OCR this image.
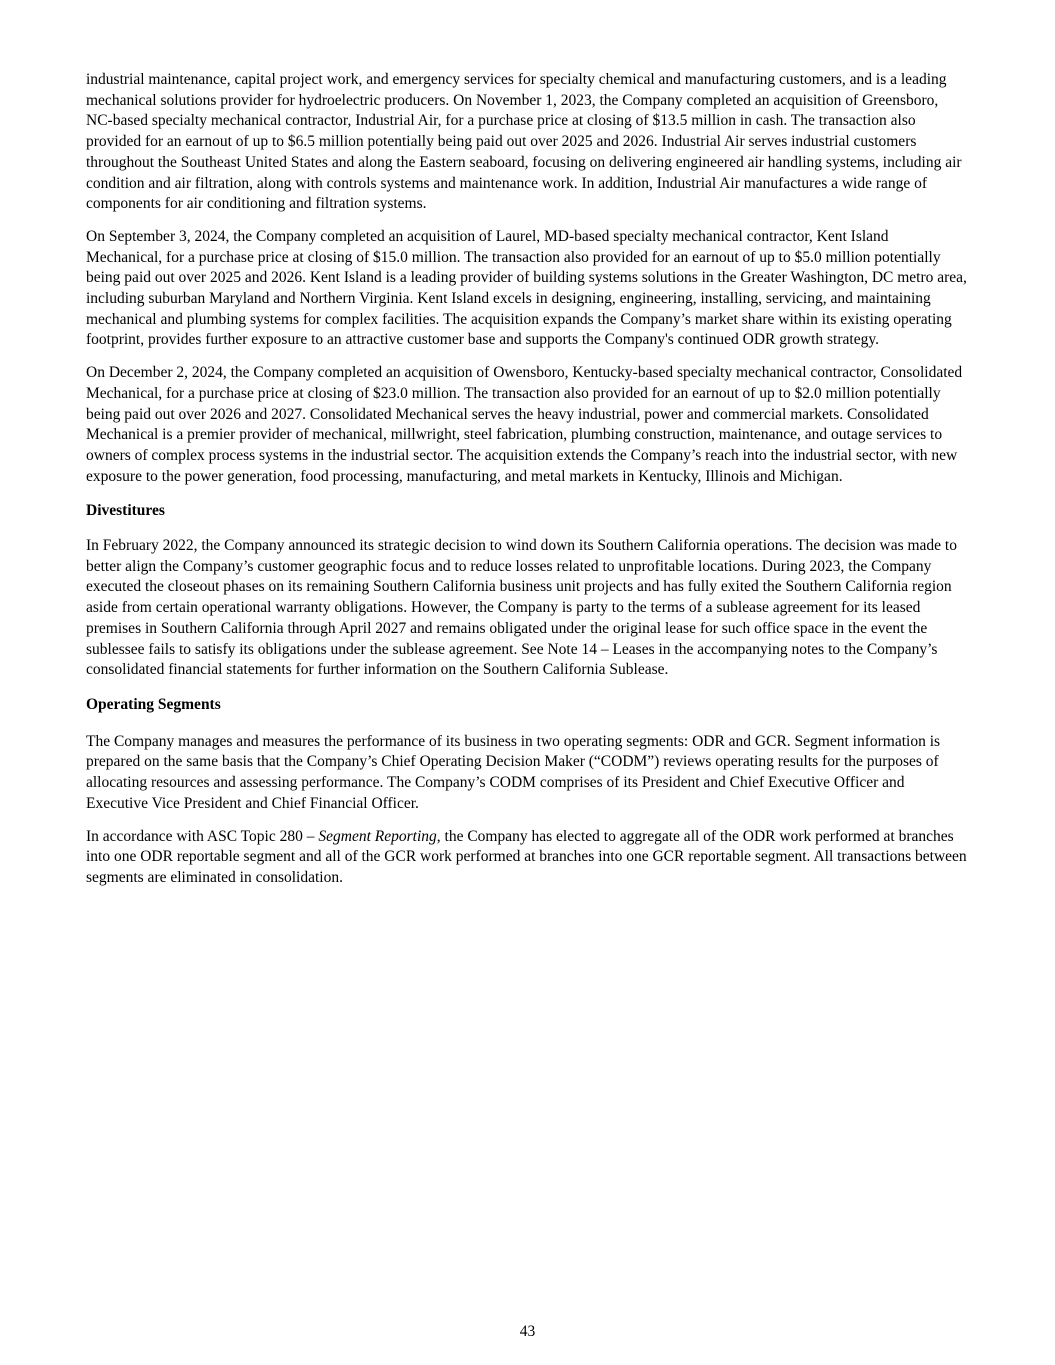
industrial maintenance, capital project work, and emergency services for specialty chemical and manufacturing customers, and is a leading mechanical solutions provider for hydroelectric producers. On November 1, 2023, the Company completed an acquisition of Greensboro, NC-based specialty mechanical contractor, Industrial Air, for a purchase price at closing of $13.5 million in cash. The transaction also provided for an earnout of up to $6.5 million potentially being paid out over 2025 and 2026. Industrial Air serves industrial customers throughout the Southeast United States and along the Eastern seaboard, focusing on delivering engineered air handling systems, including air condition and air filtration, along with controls systems and maintenance work. In addition, Industrial Air manufactures a wide range of components for air conditioning and filtration systems.

On September 3, 2024, the Company completed an acquisition of Laurel, MD-based specialty mechanical contractor, Kent Island Mechanical, for a purchase price at closing of $15.0 million. The transaction also provided for an earnout of up to $5.0 million potentially being paid out over 2025 and 2026. Kent Island is a leading provider of building systems solutions in the Greater Washington, DC metro area, including suburban Maryland and Northern Virginia. Kent Island excels in designing, engineering, installing, servicing, and maintaining mechanical and plumbing systems for complex facilities. The acquisition expands the Company’s market share within its existing operating footprint, provides further exposure to an attractive customer base and supports the Company's continued ODR growth strategy.

On December 2, 2024, the Company completed an acquisition of Owensboro, Kentucky-based specialty mechanical contractor, Consolidated Mechanical, for a purchase price at closing of $23.0 million. The transaction also provided for an earnout of up to $2.0 million potentially being paid out over 2026 and 2027. Consolidated Mechanical serves the heavy industrial, power and commercial markets. Consolidated Mechanical is a premier provider of mechanical, millwright, steel fabrication, plumbing construction, maintenance, and outage services to owners of complex process systems in the industrial sector. The acquisition extends the Company’s reach into the industrial sector, with new exposure to the power generation, food processing, manufacturing, and metal markets in Kentucky, Illinois and Michigan.

Divestitures

In February 2022, the Company announced its strategic decision to wind down its Southern California operations. The decision was made to better align the Company’s customer geographic focus and to reduce losses related to unprofitable locations. During 2023, the Company executed the closeout phases on its remaining Southern California business unit projects and has fully exited the Southern California region aside from certain operational warranty obligations. However, the Company is party to the terms of a sublease agreement for its leased premises in Southern California through April 2027 and remains obligated under the original lease for such office space in the event the sublessee fails to satisfy its obligations under the sublease agreement. See Note 14 – Leases in the accompanying notes to the Company’s consolidated financial statements for further information on the Southern California Sublease.

Operating Segments

The Company manages and measures the performance of its business in two operating segments: ODR and GCR. Segment information is prepared on the same basis that the Company’s Chief Operating Decision Maker (“CODM”) reviews operating results for the purposes of allocating resources and assessing performance. The Company’s CODM comprises of its President and Chief Executive Officer and Executive Vice President and Chief Financial Officer.

In accordance with ASC Topic 280 – Segment Reporting, the Company has elected to aggregate all of the ODR work performed at branches into one ODR reportable segment and all of the GCR work performed at branches into one GCR reportable segment. All transactions between segments are eliminated in consolidation.

43
